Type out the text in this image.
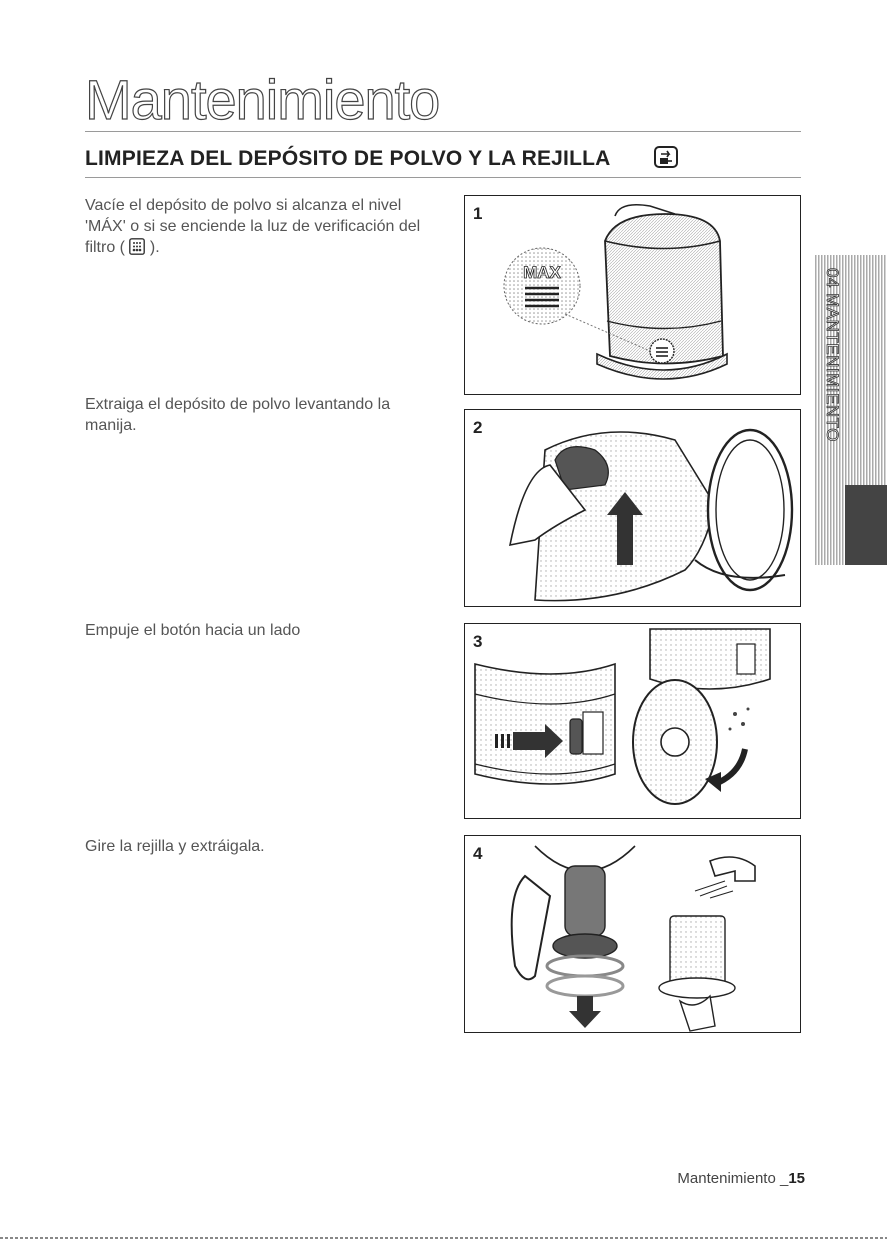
Mantenimiento
LIMPIEZA DEL DEPÓSITO DE POLVO Y LA REJILLA
Vacíe el depósito de polvo si alcanza el nivel 'MÁX' o si se enciende la luz de verificación del filtro ( ).
Extraiga el depósito de polvo levantando la manija.
Empuje el botón hacia un lado
Gire la rejilla y extráigala.
MAX
1
2
3
4
04 MANTENIMIENTO
Mantenimiento _15
